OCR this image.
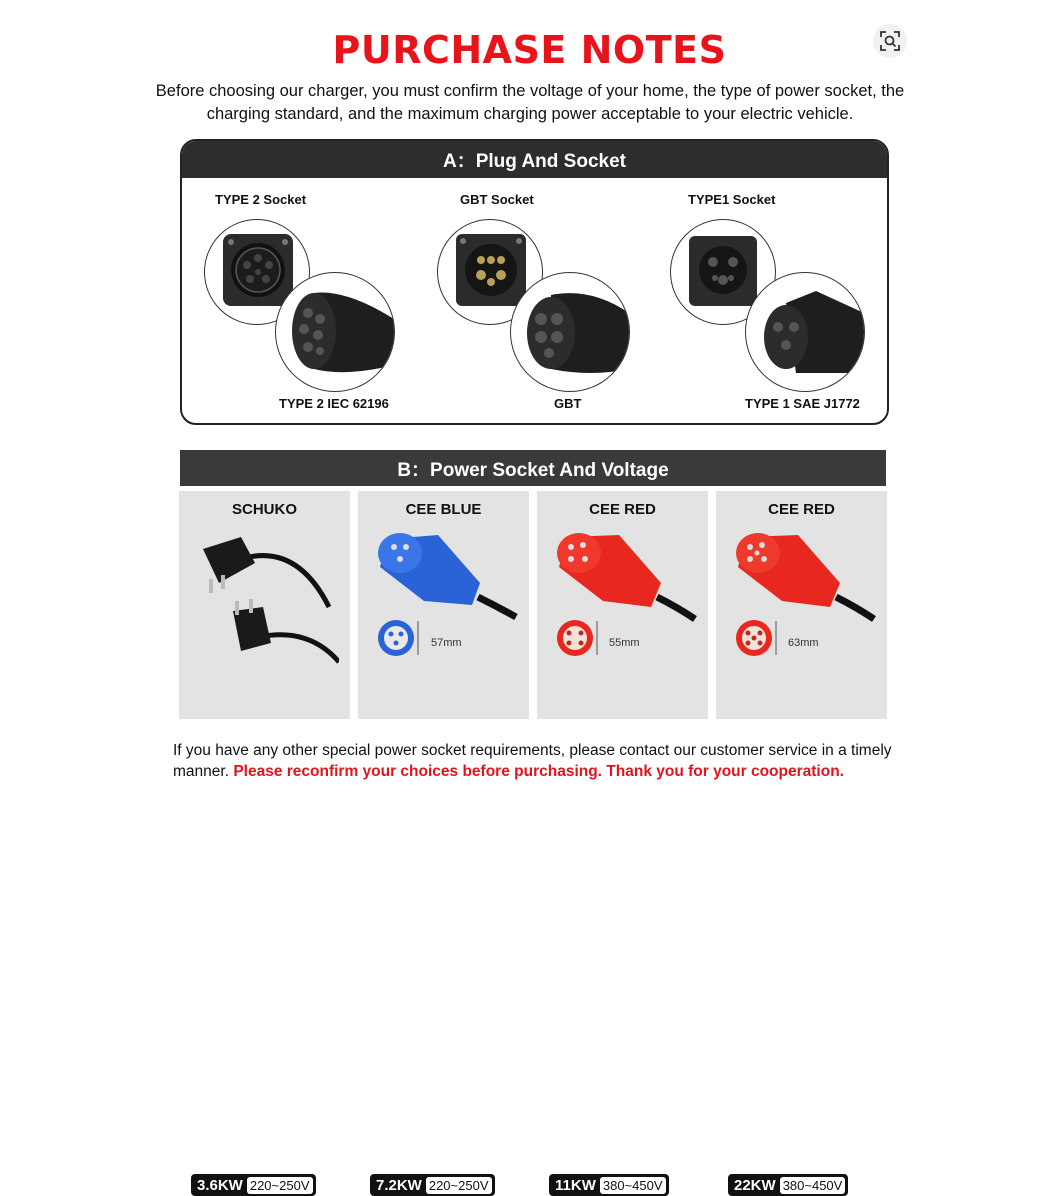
PURCHASE NOTES
Before choosing our charger, you must confirm the voltage of your home, the type of power socket, the charging standard, and the maximum charging power acceptable to your electric vehicle.
A：Plug And Socket
TYPE 2 Socket
TYPE 2 IEC 62196
GBT Socket
GBT
TYPE1 Socket
TYPE 1 SAE J1772
B：Power Socket And Voltage
SCHUKO
3.6KW 220~250V
CEE BLUE
57mm
7.2KW 220~250V
CEE RED
55mm
11KW 380~450V
CEE RED
63mm
22KW 380~450V
If you have any other special power socket requirements, please contact our customer service in a timely manner. Please reconfirm your choices before purchasing. Thank you for your cooperation.
